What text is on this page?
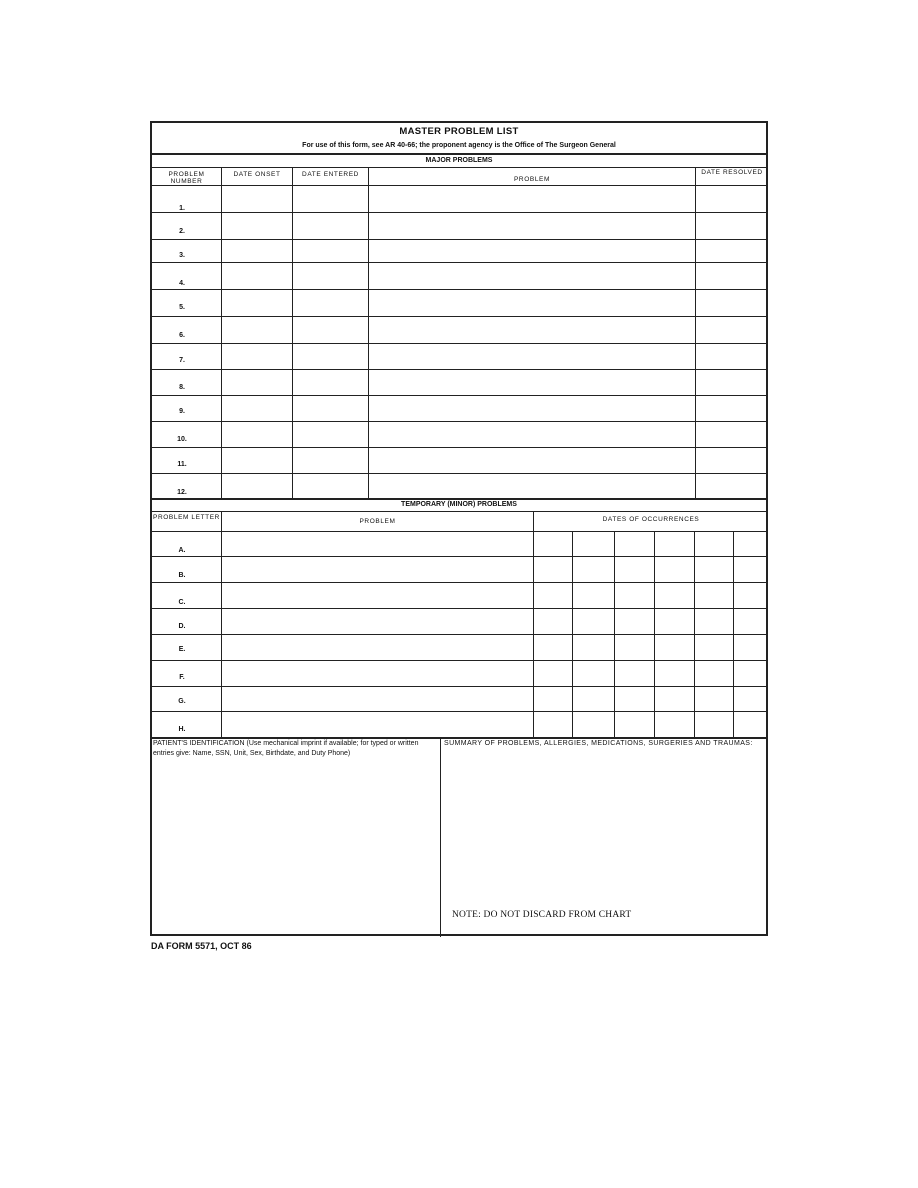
MASTER PROBLEM LIST
For use of this form, see AR 40-66; the proponent agency is the Office of The Surgeon General
MAJOR PROBLEMS
PROBLEM NUMBER
DATE ONSET	DATE ENTERED
PROBLEM
DATE RESOLVED
1.
2.
3.
4.
5.
6.
7.
8.
9.
10.
11.
12.
TEMPORARY (MINOR) PROBLEMS
PROBLEM LETTER
PROBLEM	DATES OF OCCURRENCES
A.
B.
C.
D.
E.
F.
G.
H.
PATIENT'S IDENTIFICATION (Use mechanical imprint if available; for typed or written entries give: Name, SSN, Unit, Sex, Birthdate, and Duty Phone)
SUMMARY OF PROBLEMS, ALLERGIES, MEDICATIONS, SURGERIES AND TRAUMAS:
NOTE: DO NOT DISCARD FROM CHART
DA FORM 5571, OCT 86
